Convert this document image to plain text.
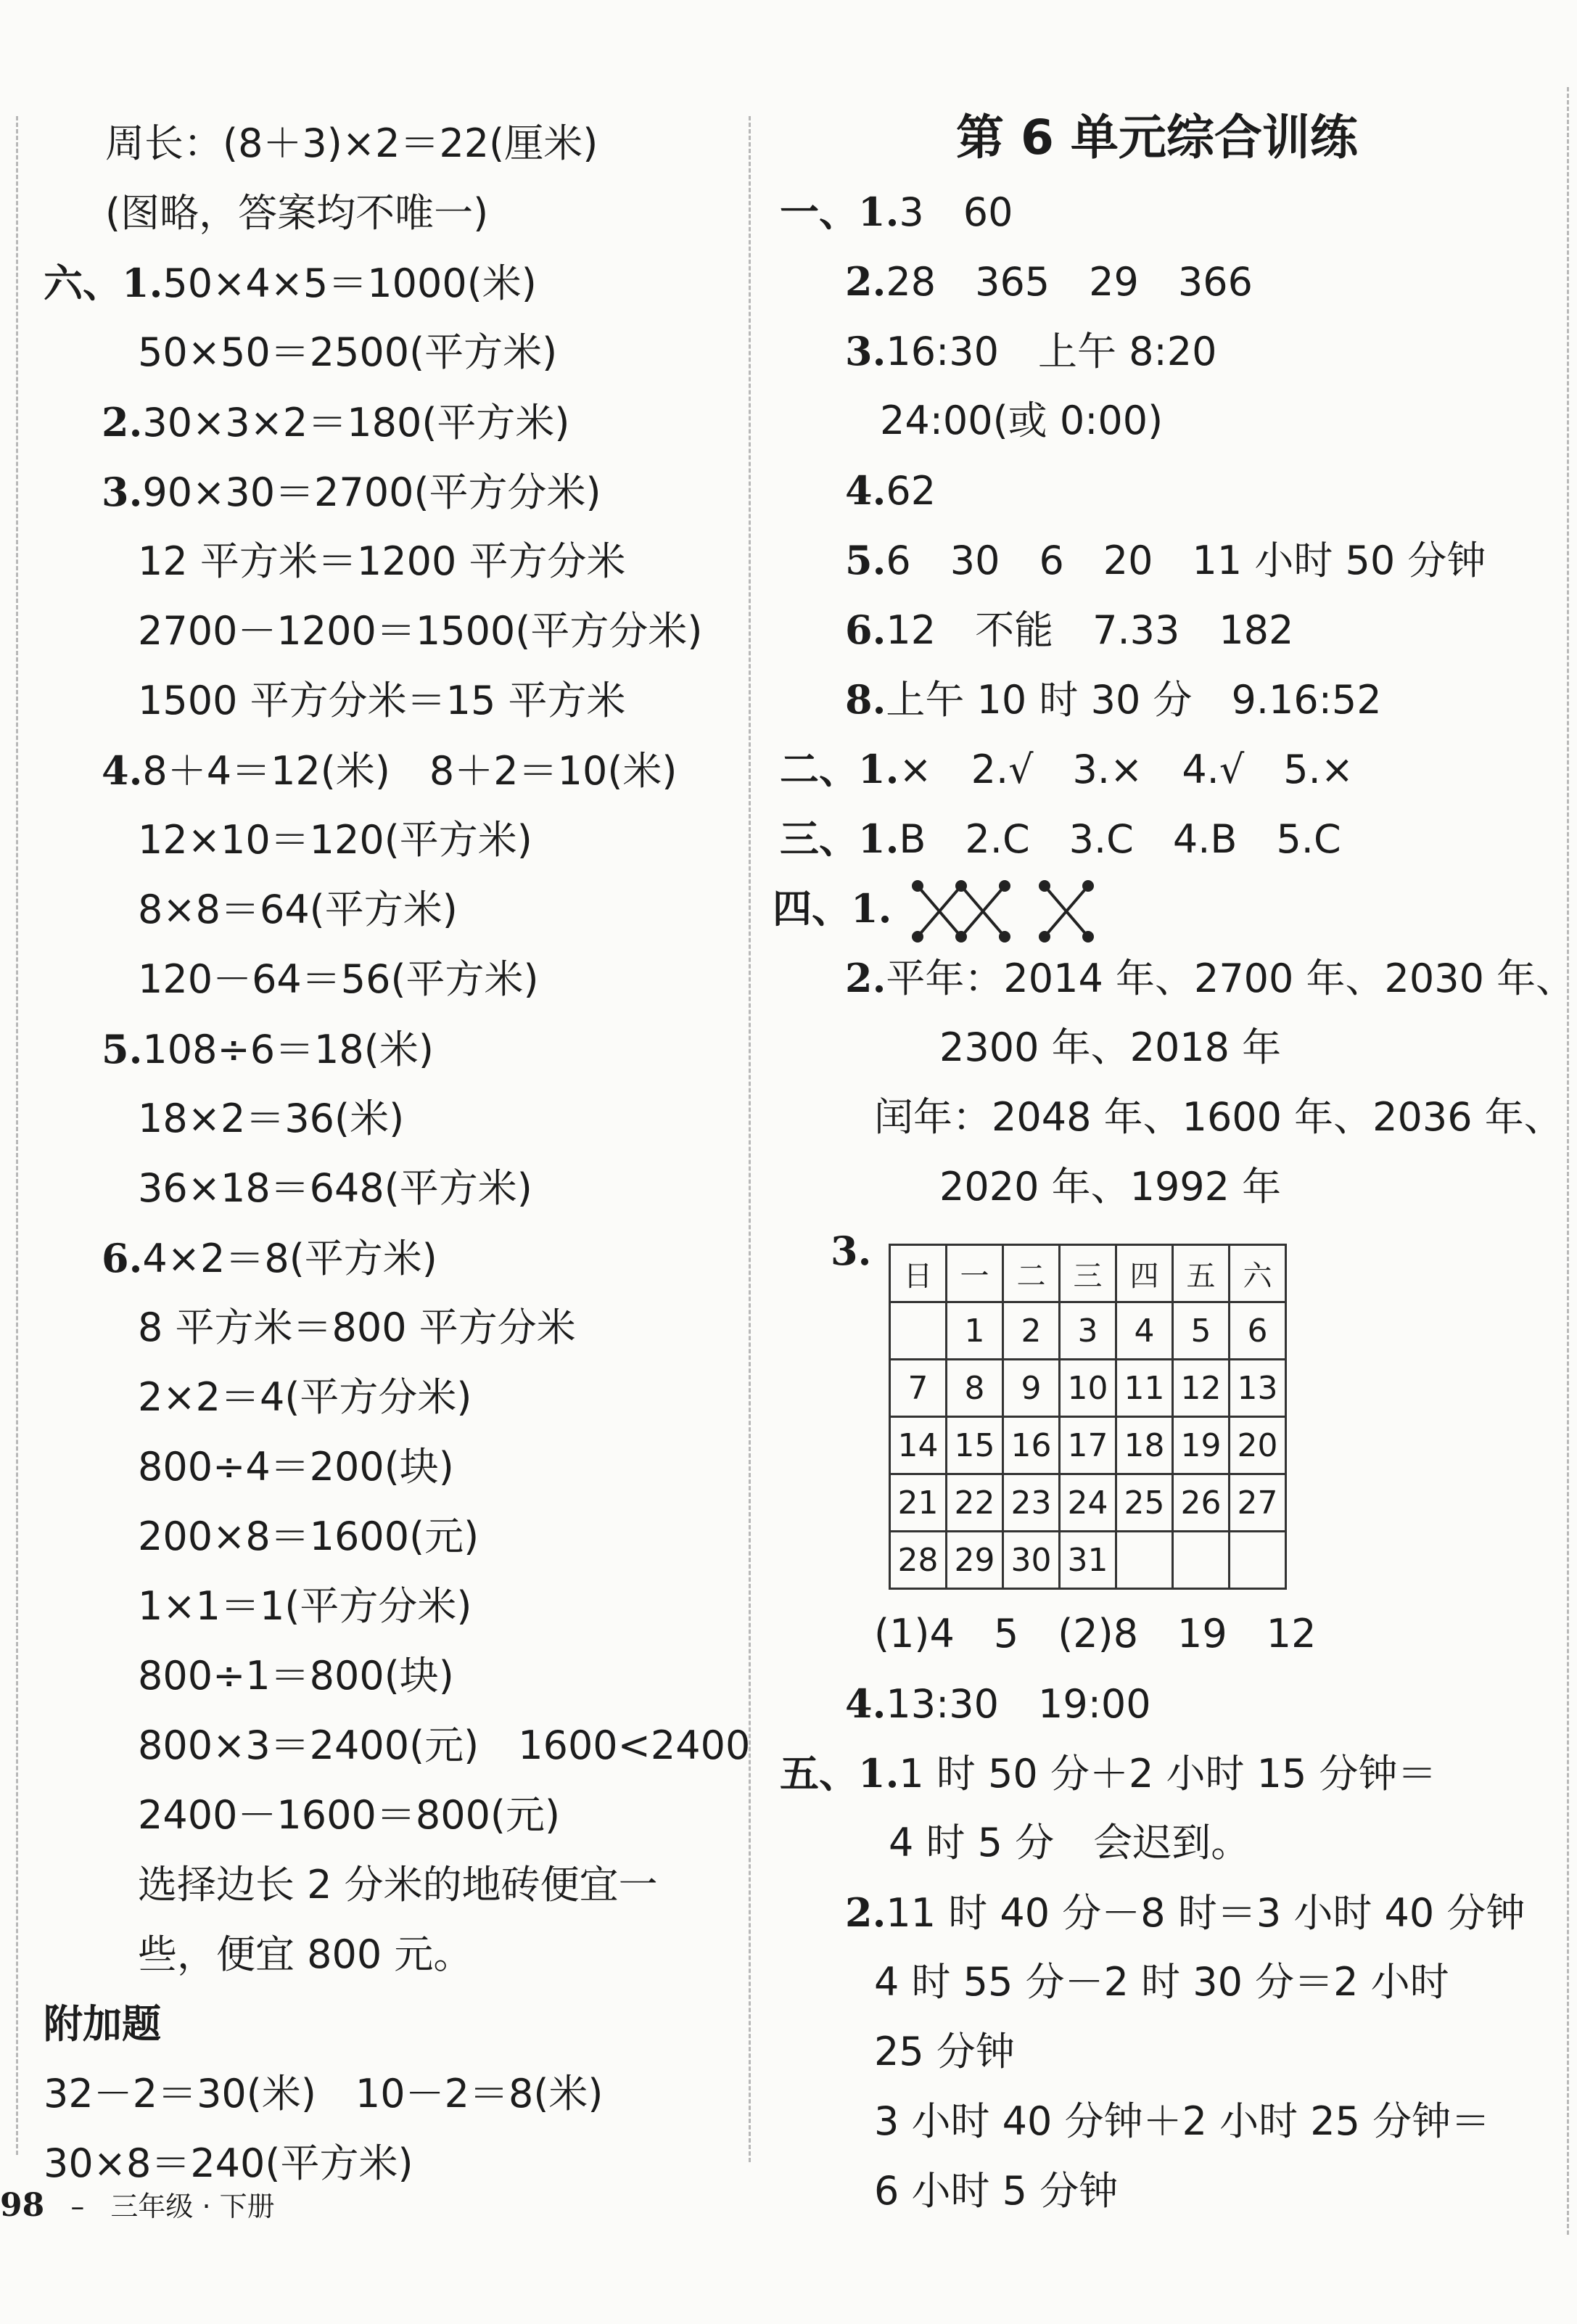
周长：(8＋3)×2＝22(厘米)
(图略，答案均不唯一)
六、1.50×4×5＝1000(米)
50×50＝2500(平方米)
2.30×3×2＝180(平方米)
3.90×30＝2700(平方分米)
12 平方米＝1200 平方分米
2700－1200＝1500(平方分米)
1500 平方分米＝15 平方米
4.8＋4＝12(米)　8＋2＝10(米)
12×10＝120(平方米)
8×8＝64(平方米)
120－64＝56(平方米)
5.108÷6＝18(米)
18×2＝36(米)
36×18＝648(平方米)
6.4×2＝8(平方米)
8 平方米＝800 平方分米
2×2＝4(平方分米)
800÷4＝200(块)
200×8＝1600(元)
1×1＝1(平方分米)
800÷1＝800(块)
800×3＝2400(元)　1600<2400
2400－1600＝800(元)
选择边长 2 分米的地砖便宜一
些，便宜 800 元。
附加题
32－2＝30(米)　10－2＝8(米)
30×8＝240(平方米)
第 6 单元综合训练
一、1.3　60
2.28　365　29　366
3.16:30　上午 8:20
24:00(或 0:00)
4.62
5.6　30　6　20　11 小时 50 分钟
6.12　不能　7.33　182
8.上午 10 时 30 分　9.16:52
二、1.×　2.√　3.×　4.√　5.×
三、1.B　2.C　3.C　4.B　5.C
四、1.
2.平年：2014 年、2700 年、2030 年、
2300 年、2018 年
闰年：2048 年、1600 年、2036 年、
2020 年、1992 年
3.
日	一	二	三	四	五	六
	1	2	3	4	5	6
7	8	9	10	11	12	13
14	15	16	17	18	19	20
21	22	23	24	25	26	27
28	29	30	31			
(1)4　5　(2)8　19　12
4.13:30　19:00
五、1.1 时 50 分＋2 小时 15 分钟＝
4 时 5 分　会迟到。
2.11 时 40 分－8 时＝3 小时 40 分钟
4 时 55 分－2 时 30 分＝2 小时
25 分钟
3 小时 40 分钟＋2 小时 25 分钟＝
6 小时 5 分钟
98 – 三年级 · 下册
